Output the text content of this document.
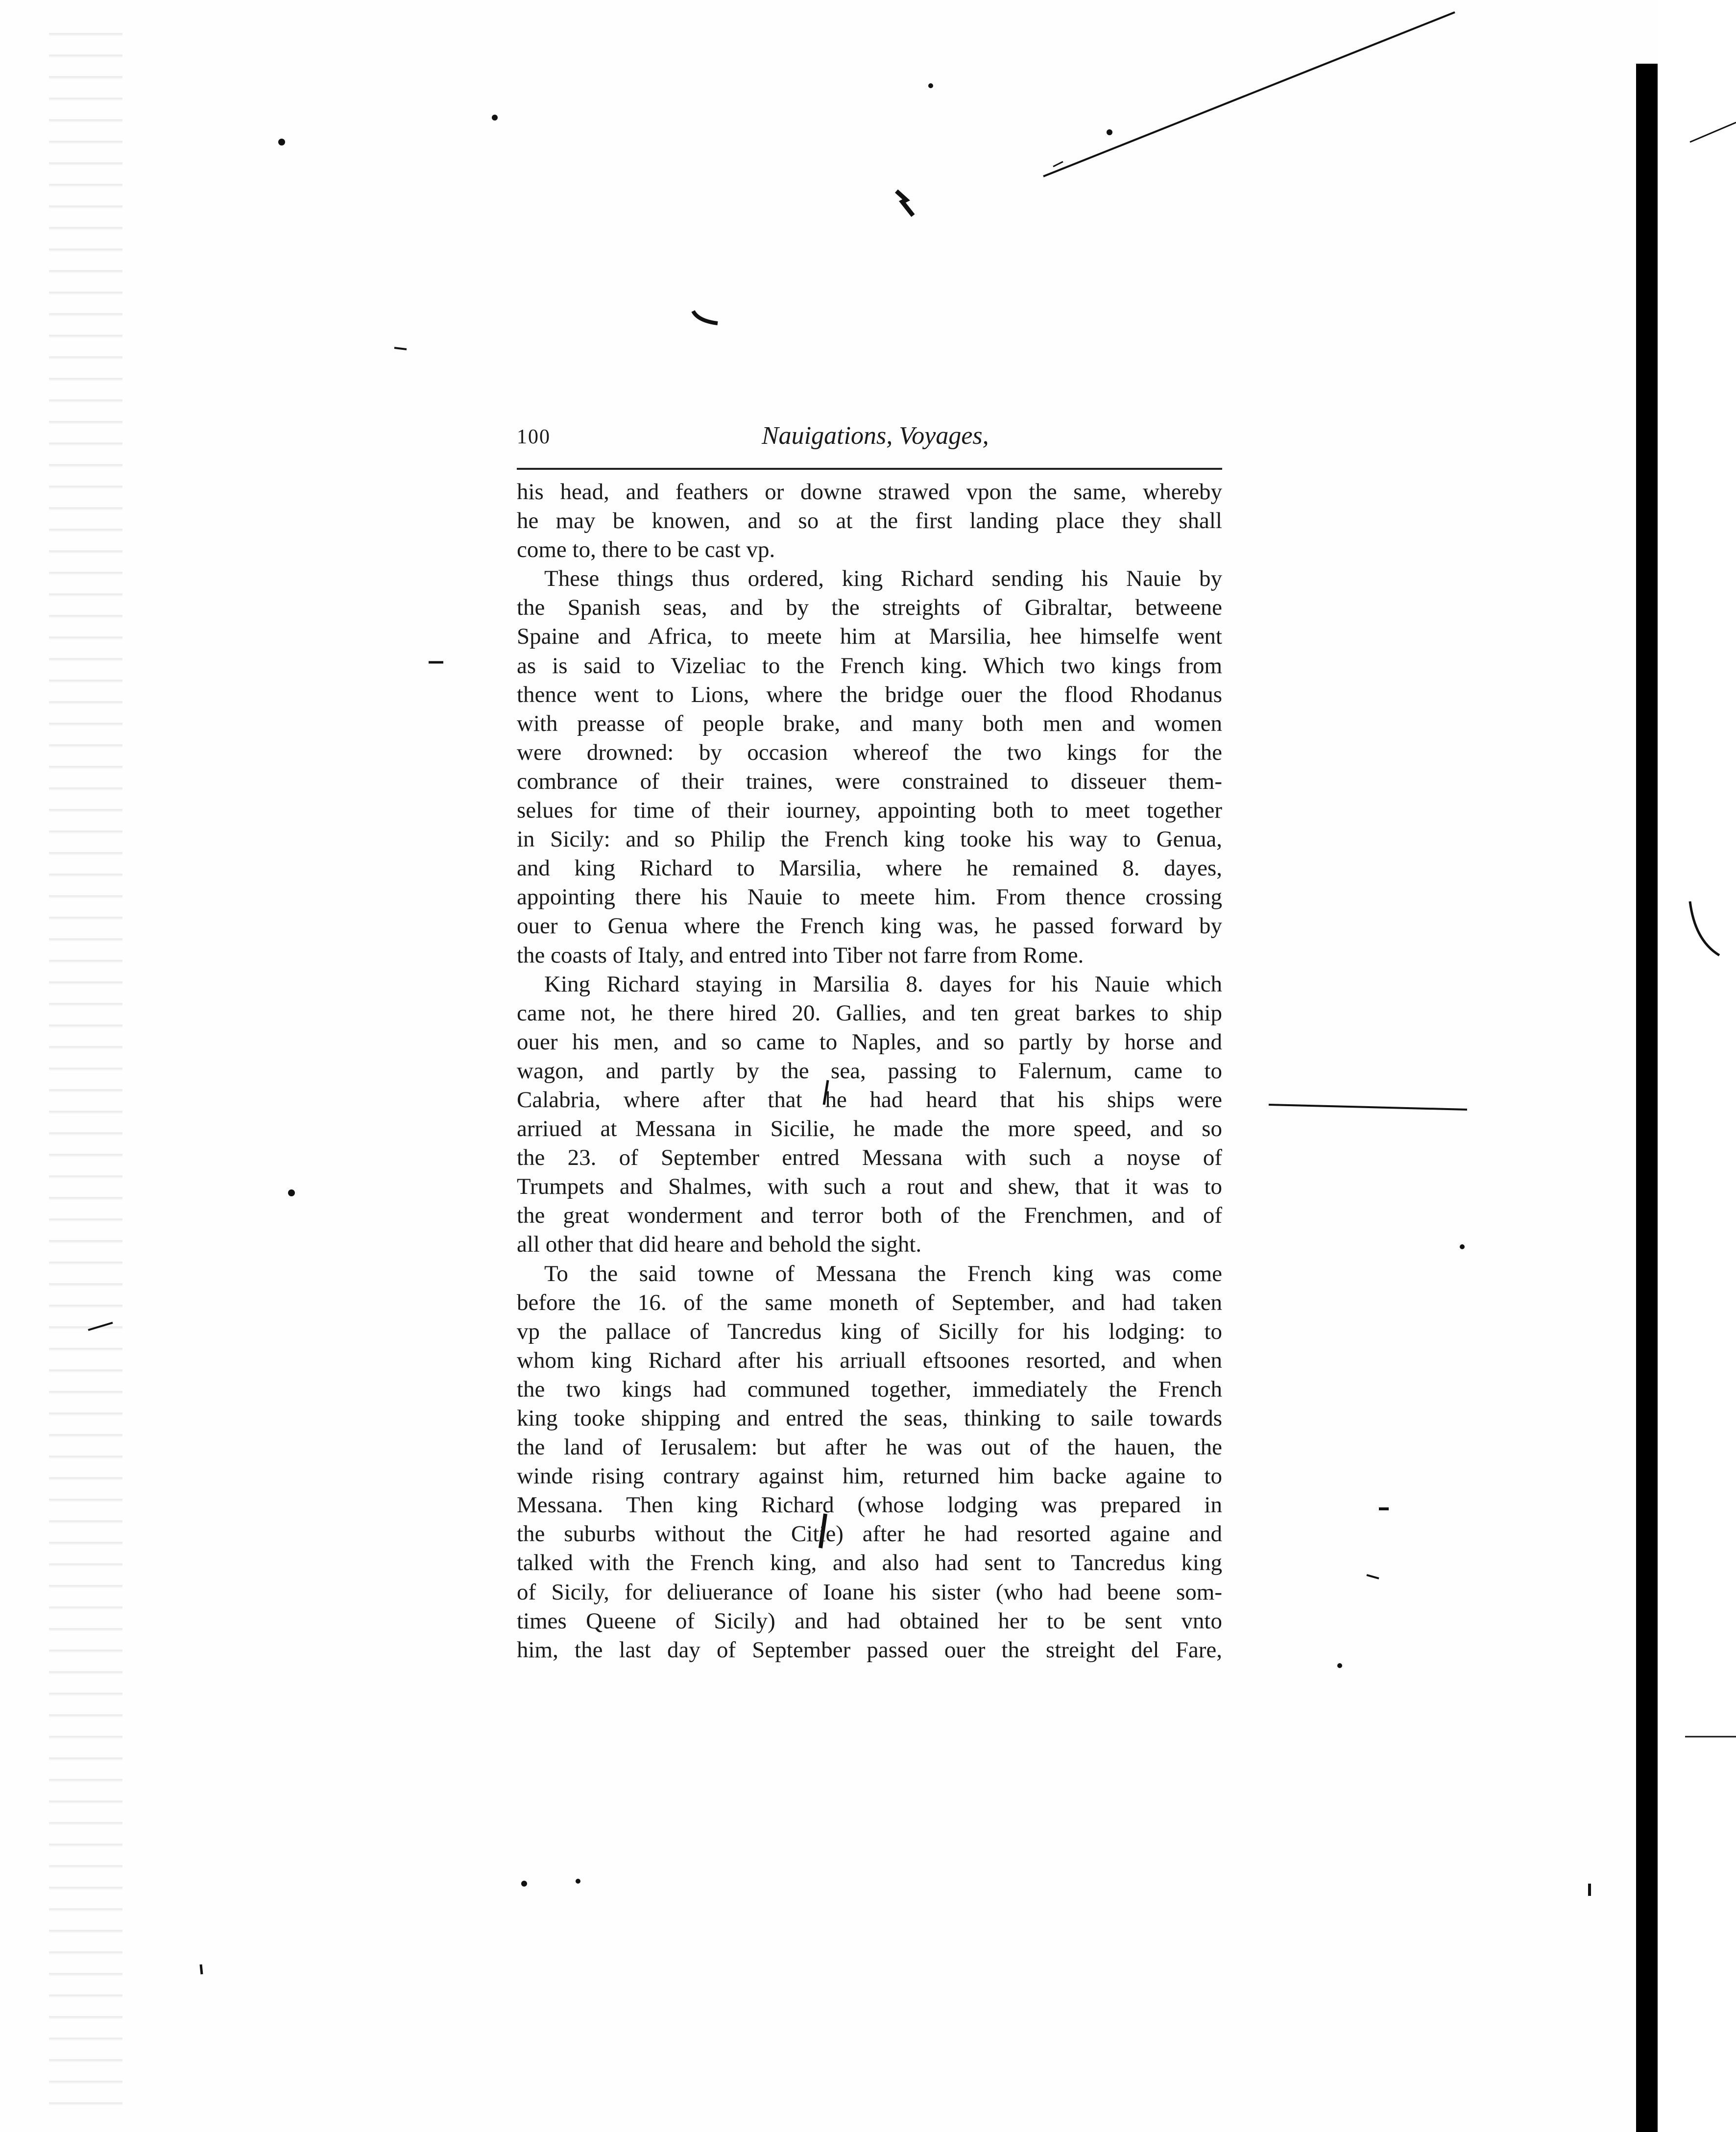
100	Nauigations, Voyages,
his head, and feathers or downe strawed vpon the same, whereby
he may be knowen, and so at the first landing place they shall
come to, there to be cast vp.
These things thus ordered, king Richard sending his Nauie by
the Spanish seas, and by the streights of Gibraltar, betweene
Spaine and Africa, to meete him at Marsilia, hee himselfe went
as is said to Vizeliac to the French king. Which two kings from
thence went to Lions, where the bridge ouer the flood Rhodanus
with preasse of people brake, and many both men and women
were drowned: by occasion whereof the two kings for the
combrance of their traines, were constrained to disseuer them-
selues for time of their iourney, appointing both to meet together
in Sicily: and so Philip the French king tooke his way to Genua,
and king Richard to Marsilia, where he remained 8. dayes,
appointing there his Nauie to meete him. From thence crossing
ouer to Genua where the French king was, he passed forward by
the coasts of Italy, and entred into Tiber not farre from Rome.
King Richard staying in Marsilia 8. dayes for his Nauie which
came not, he there hired 20. Gallies, and ten great barkes to ship
ouer his men, and so came to Naples, and so partly by horse and
wagon, and partly by the sea, passing to Falernum, came to
Calabria, where after that he had heard that his ships were
arriued at Messana in Sicilie, he made the more speed, and so
the 23. of September entred Messana with such a noyse of
Trumpets and Shalmes, with such a rout and shew, that it was to
the great wonderment and terror both of the Frenchmen, and of
all other that did heare and behold the sight.
To the said towne of Messana the French king was come
before the 16. of the same moneth of September, and had taken
vp the pallace of Tancredus king of Sicilly for his lodging: to
whom king Richard after his arriuall eftsoones resorted, and when
the two kings had communed together, immediately the French
king tooke shipping and entred the seas, thinking to saile towards
the land of Ierusalem: but after he was out of the hauen, the
winde rising contrary against him, returned him backe againe to
Messana. Then king Richard (whose lodging was prepared in
the suburbs without the Citie) after he had resorted againe and
talked with the French king, and also had sent to Tancredus king
of Sicily, for deliuerance of Ioane his sister (who had beene som-
times Queene of Sicily) and had obtained her to be sent vnto
him, the last day of September passed ouer the streight del Fare,
